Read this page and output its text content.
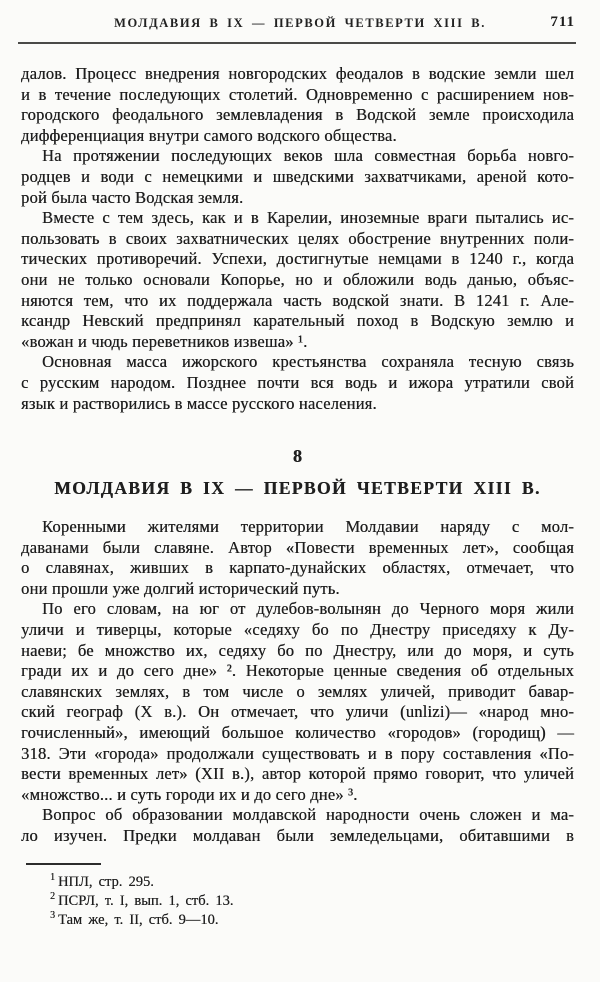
МОЛДАВИЯ В IX — ПЕРВОЙ ЧЕТВЕРТИ XIII В.	711
далов. Процесс внедрения новгородских феодалов в водские земли шел
и в течение последующих столетий. Одновременно с расширением нов-
городского феодального землевладения в Водской земле происходила
дифференциация внутри самого водского общества.
На протяжении последующих веков шла совместная борьба новго-
родцев и води с немецкими и шведскими захватчиками, ареной кото-
рой была часто Водская земля.
Вместе с тем здесь, как и в Карелии, иноземные враги пытались ис-
пользовать в своих захватнических целях обострение внутренних поли-
тических противоречий. Успехи, достигнутые немцами в 1240 г., когда
они не только основали Копорье, но и обложили водь данью, объяс-
няются тем, что их поддержала часть водской знати. В 1241 г. Але-
ксандр Невский предпринял карательный поход в Водскую землю и
«вожан и чюдь переветников извеша» ¹.
Основная масса ижорского крестьянства сохраняла тесную связь
с русским народом. Позднее почти вся водь и ижора утратили свой
язык и растворились в массе русского населения.
8
МОЛДАВИЯ В IX — ПЕРВОЙ ЧЕТВЕРТИ XIII В.
Коренными жителями территории Молдавии наряду с мол-
даванами были славяне. Автор «Повести временных лет», сообщая
о славянах, живших в карпато-дунайских областях, отмечает, что
они прошли уже долгий исторический путь.
По его словам, на юг от дулебов-волынян до Черного моря жили
уличи и тиверцы, которые «седяху бо по Днестру приседяху к Ду-
наеви; бе множство их, седяху бо по Днестру, или до моря, и суть
гради их и до сего дне» ². Некоторые ценные сведения об отдельных
славянских землях, в том числе о землях уличей, приводит бавар-
ский географ (X в.). Он отмечает, что уличи (unlizi)— «народ мно-
гочисленный», имеющий большое количество «городов» (городищ) —
318. Эти «города» продолжали существовать и в пору составления «По-
вести временных лет» (XII в.), автор которой прямо говорит, что уличей
«множство... и суть городи их и до сего дне» ³.
Вопрос об образовании молдавской народности очень сложен и ма-
ло изучен. Предки молдаван были земледельцами, обитавшими в
$^1$ НПЛ, стр. 295.
$^2$ ПСРЛ, т. I, вып. 1, стб. 13.
$^3$ Там же, т. II, стб. 9—10.
